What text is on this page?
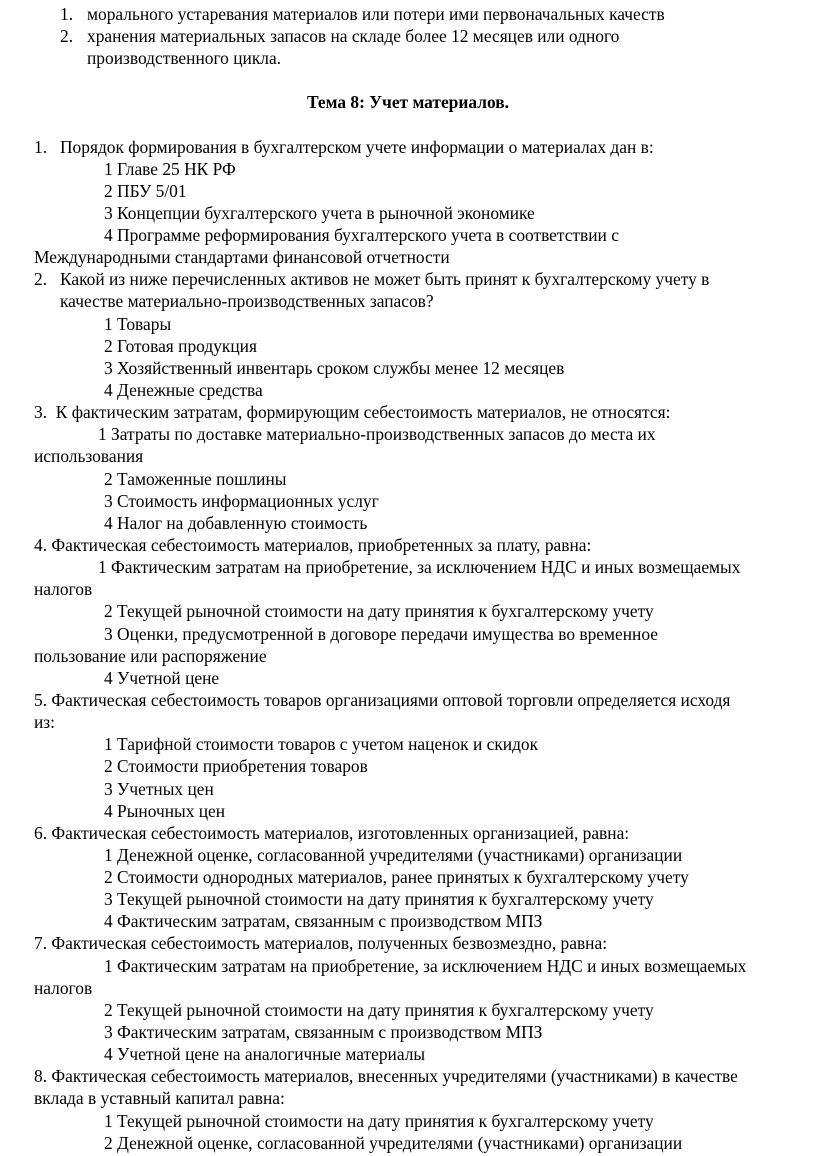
1. морального устаревания материалов или потери ими первоначальных качеств
2. хранения материальных запасов на складе более 12 месяцев или одного
производственного цикла.
Тема 8: Учет материалов.
1. Порядок формирования в бухгалтерском учете информации о материалах дан в:
1 Главе 25 НК РФ
2 ПБУ 5/01
3 Концепции бухгалтерского учета в рыночной экономике
4 Программе реформирования бухгалтерского учета в соответствии с
Международными стандартами финансовой отчетности
2. Какой из ниже перечисленных активов не может быть принят к бухгалтерскому учету в
качестве материально-производственных запасов?
1 Товары
2 Готовая продукция
3 Хозяйственный инвентарь сроком службы менее 12 месяцев
4 Денежные средства
3. К фактическим затратам, формирующим себестоимость материалов, не относятся:
1 Затраты по доставке материально-производственных запасов до места их
использования
2 Таможенные пошлины
3 Стоимость информационных услуг
4 Налог на добавленную стоимость
4. Фактическая себестоимость материалов, приобретенных за плату, равна:
1 Фактическим затратам на приобретение, за исключением НДС и иных возмещаемых
налогов
2 Текущей рыночной стоимости на дату принятия к бухгалтерскому учету
3 Оценки, предусмотренной в договоре передачи имущества во временное
пользование или распоряжение
4 Учетной цене
5. Фактическая себестоимость товаров организациями оптовой торговли определяется исходя
из:
1 Тарифной стоимости товаров с учетом наценок и скидок
2 Стоимости приобретения товаров
3 Учетных цен
4 Рыночных цен
6. Фактическая себестоимость материалов, изготовленных организацией, равна:
1 Денежной оценке, согласованной учредителями (участниками) организации
2 Стоимости однородных материалов, ранее принятых к бухгалтерскому учету
3 Текущей рыночной стоимости на дату принятия к бухгалтерскому учету
4 Фактическим затратам, связанным с производством МПЗ
7. Фактическая себестоимость материалов, полученных безвозмездно, равна:
1 Фактическим затратам на приобретение, за исключением НДС и иных возмещаемых
налогов
2 Текущей рыночной стоимости на дату принятия к бухгалтерскому учету
3 Фактическим затратам, связанным с производством МПЗ
4 Учетной цене на аналогичные материалы
8. Фактическая себестоимость материалов, внесенных учредителями (участниками) в качестве
вклада в уставный капитал равна:
1 Текущей рыночной стоимости на дату принятия к бухгалтерскому учету
2 Денежной оценке, согласованной учредителями (участниками) организации
